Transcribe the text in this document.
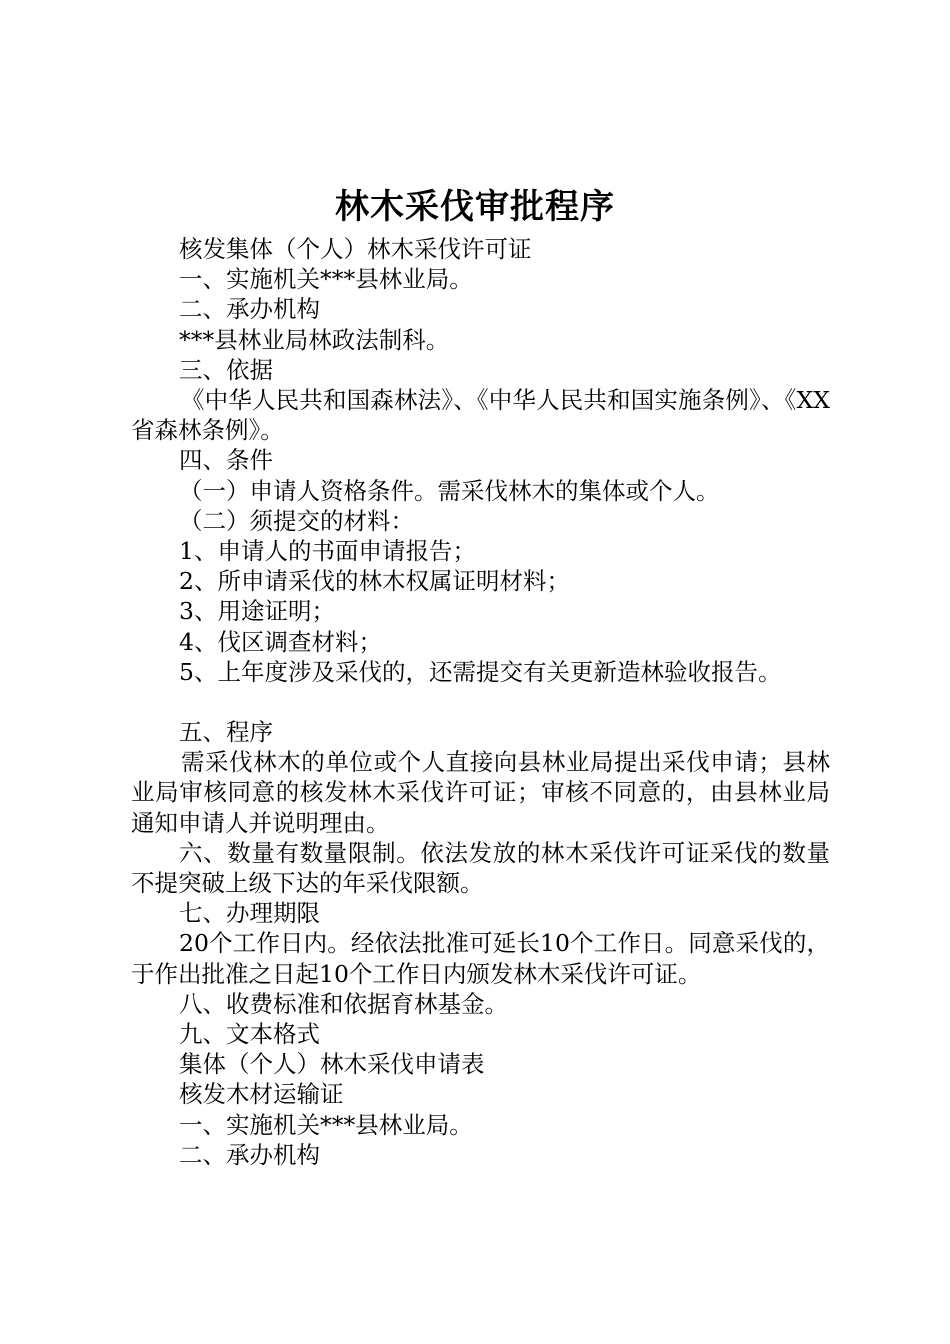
林木采伐审批程序

核发集体（个人）林木采伐许可证

一、实施机关***县林业局。

二、承办机构

***县林业局林政法制科。

三、依据

《中华人民共和国森林法》、《中华人民共和国实施条例》、《XX省森林条例》。

四、条件

（一）申请人资格条件。需采伐林木的集体或个人。

（二）须提交的材料：

1、申请人的书面申请报告；

2、所申请采伐的林木权属证明材料；

3、用途证明；

4、伐区调查材料；

5、上年度涉及采伐的，还需提交有关更新造林验收报告。

五、程序

需采伐林木的单位或个人直接向县林业局提出采伐申请；县林业局审核同意的核发林木采伐许可证；审核不同意的，由县林业局通知申请人并说明理由。

六、数量有数量限制。依法发放的林木采伐许可证采伐的数量不提突破上级下达的年采伐限额。

七、办理期限

20个工作日内。经依法批准可延长10个工作日。同意采伐的，于作出批准之日起10个工作日内颁发林木采伐许可证。

八、收费标准和依据育林基金。

九、文本格式

集体（个人）林木采伐申请表

核发木材运输证

一、实施机关***县林业局。

二、承办机构
